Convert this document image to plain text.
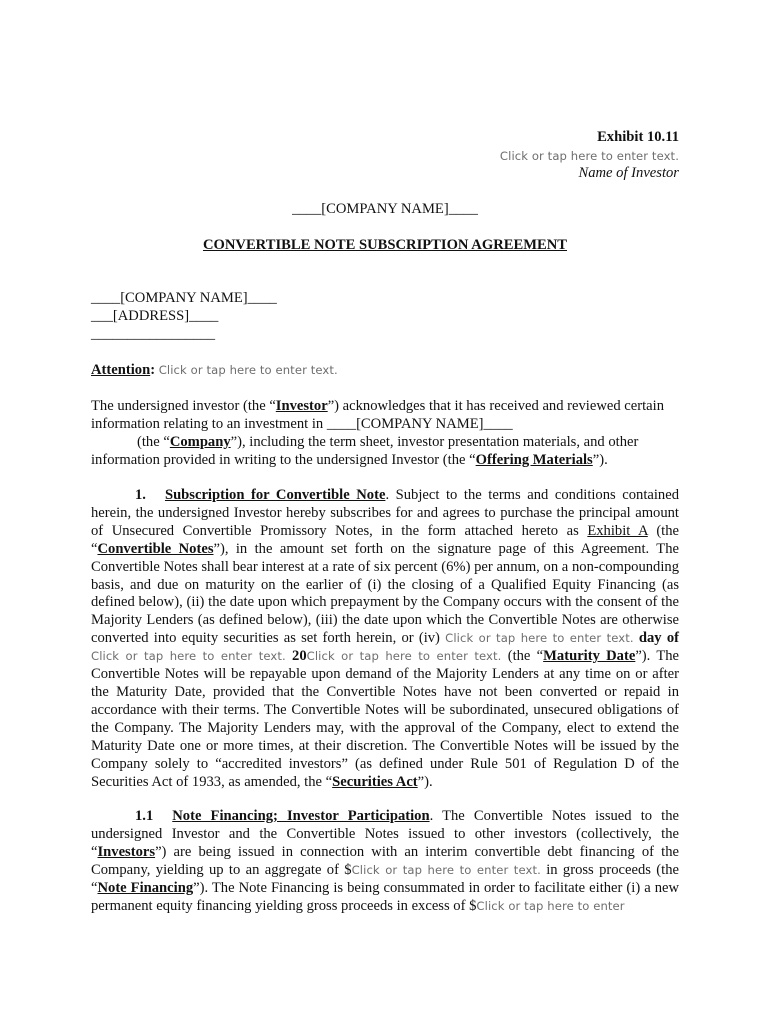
Exhibit 10.11
Click or tap here to enter text.
Name of Investor
____[COMPANY NAME]____
CONVERTIBLE NOTE SUBSCRIPTION AGREEMENT
____[COMPANY NAME]____
___[ADDRESS]____
_________________
Attention: Click or tap here to enter text.

The undersigned investor (the “Investor”) acknowledges that it has received and reviewed certain information relating to an investment in ____[COMPANY NAME]____
(the “Company”), including the term sheet, investor presentation materials, and other information provided in writing to the undersigned Investor (the “Offering Materials”).

1. Subscription for Convertible Note. Subject to the terms and conditions contained herein, the undersigned Investor hereby subscribes for and agrees to purchase the principal amount of Unsecured Convertible Promissory Notes, in the form attached hereto as Exhibit A (the “Convertible Notes”), in the amount set forth on the signature page of this Agreement. The Convertible Notes shall bear interest at a rate of six percent (6%) per annum, on a non-compounding basis, and due on maturity on the earlier of (i) the closing of a Qualified Equity Financing (as defined below), (ii) the date upon which prepayment by the Company occurs with the consent of the Majority Lenders (as defined below), (iii) the date upon which the Convertible Notes are otherwise converted into equity securities as set forth herein, or (iv) Click or tap here to enter text. day of Click or tap here to enter text. 20Click or tap here to enter text. (the “Maturity Date”). The Convertible Notes will be repayable upon demand of the Majority Lenders at any time on or after the Maturity Date, provided that the Convertible Notes have not been converted or repaid in accordance with their terms. The Convertible Notes will be subordinated, unsecured obligations of the Company. The Majority Lenders may, with the approval of the Company, elect to extend the Maturity Date one or more times, at their discretion. The Convertible Notes will be issued by the Company solely to “accredited investors” (as defined under Rule 501 of Regulation D of the Securities Act of 1933, as amended, the “Securities Act”).

1.1 Note Financing; Investor Participation. The Convertible Notes issued to the undersigned Investor and the Convertible Notes issued to other investors (collectively, the “Investors”) are being issued in connection with an interim convertible debt financing of the Company, yielding up to an aggregate of $Click or tap here to enter text. in gross proceeds (the “Note Financing”). The Note Financing is being consummated in order to facilitate either (i) a new permanent equity financing yielding gross proceeds in excess of $Click or tap here to enter
